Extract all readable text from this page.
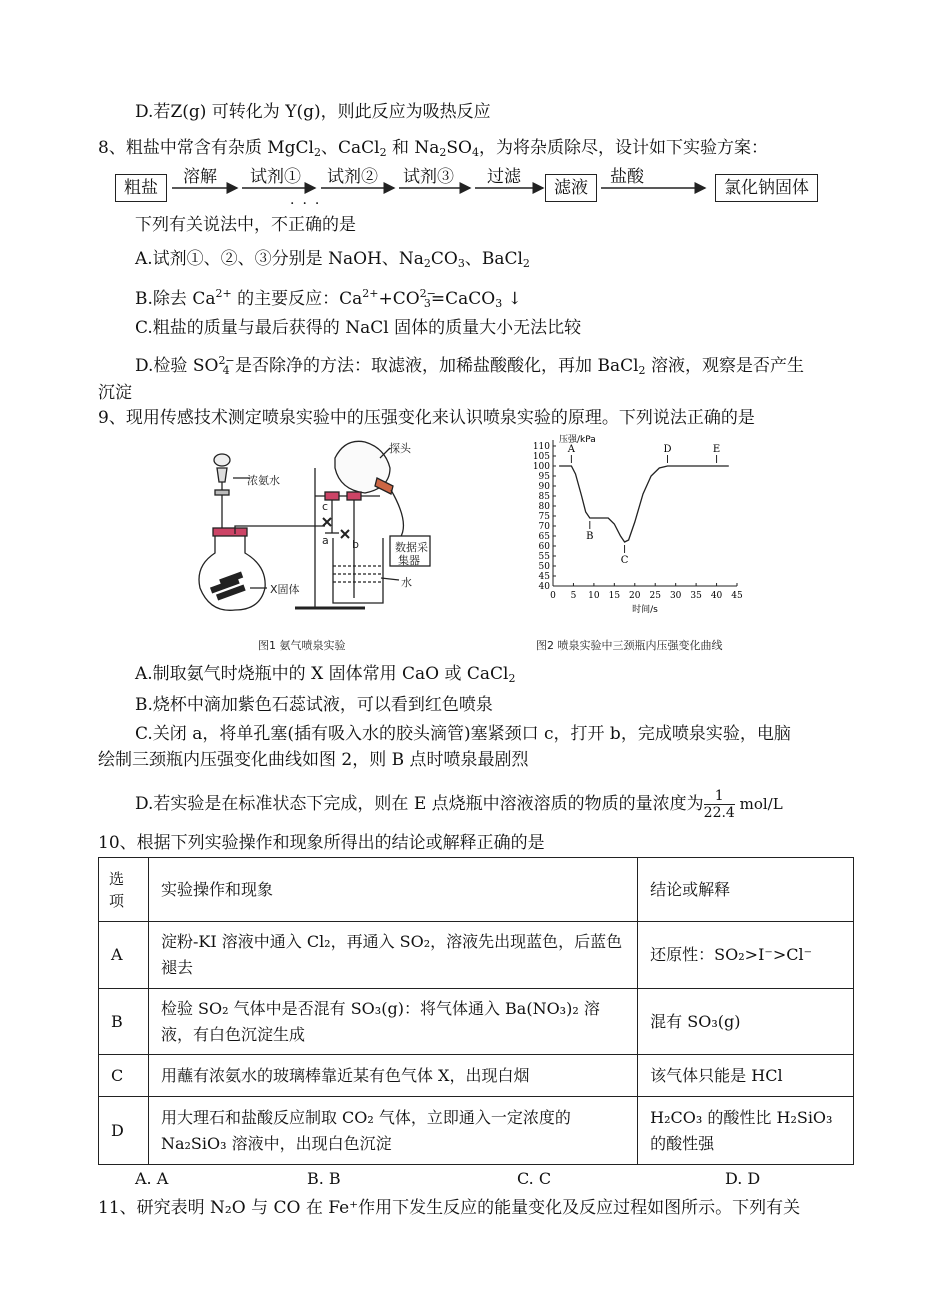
D.若Z(g) 可转化为 Y(g)，则此反应为吸热反应
8、粗盐中常含有杂质 MgCl$_2$、CaCl$_2$ 和 $Na_2SO_4$，为将杂质除尽，设计如下实验方案：
粗盐
溶解 试剂① 试剂② 试剂③ 过滤
滤液
盐酸
氯化钠固体
···
下列有关说法中，不正确的是
A.试剂①、②、③分别是 NaOH、$Na_2CO_3$、BaCl$_2$
B.除去 $Ca^{2+}$ 的主要反应：$Ca^{2+}+CO^{2-}_3=CaCO_3$ ↓
C.粗盐的质量与最后获得的 NaCl 固体的质量大小无法比较
D.检验 $SO^{2-}_4$ 是否除净的方法：取滤液，加稀盐酸酸化，再加 BaCl$_2$ 溶液，观察是否产生
沉淀
9、现用传感技术测定喷泉实验中的压强变化来认识喷泉实验的原理。下列说法正确的是
浓氨水
探头
数据采
集器
X固体
水
c
a b
图1 氨气喷泉实验
40
45
50
55
60
65
70
75
80
85
90
95
100
105
110
0 5 10 15 20 25 30 35 40 45
压强/kPa
时间/s
A
B
C
D	E
图2 喷泉实验中三颈瓶内压强变化曲线
A.制取氨气时烧瓶中的 X 固体常用 CaO 或 CaCl$_2$
B.烧杯中滴加紫色石蕊试液，可以看到红色喷泉
C.关闭 a，将单孔塞(插有吸入水的胶头滴管)塞紧颈口 c，打开 b，完成喷泉实验，电脑
绘制三颈瓶内压强变化曲线如图 2，则 B 点时喷泉最剧烈
D.若实验是在标准状态下完成，则在 E 点烧瓶中溶液溶质的物质的量浓度为 $\frac{1}{22.4} mol/L$
10、根据下列实验操作和现象所得出的结论或解释正确的是
选项	实验操作和现象	结论或解释
A	淀粉-KI 溶液中通入 Cl₂，再通入 SO₂，溶液先出现蓝色，后蓝色褪去	还原性：SO₂>I⁻>Cl⁻
B	检验 SO₂ 气体中是否混有 SO₃(g)：将气体通入 Ba(NO₃)₂ 溶液，有白色沉淀生成	混有 SO₃(g)
C	用蘸有浓氨水的玻璃棒靠近某有色气体 X，出现白烟	该气体只能是 HCl
D	用大理石和盐酸反应制取 CO₂ 气体，立即通入一定浓度的 Na₂SiO₃ 溶液中，出现白色沉淀	H₂CO₃ 的酸性比 H₂SiO₃ 的酸性强
A. A	B. B	C. C	D. D
11、研究表明 N₂O 与 CO 在 Fe⁺作用下发生反应的能量变化及反应过程如图所示。下列有关
